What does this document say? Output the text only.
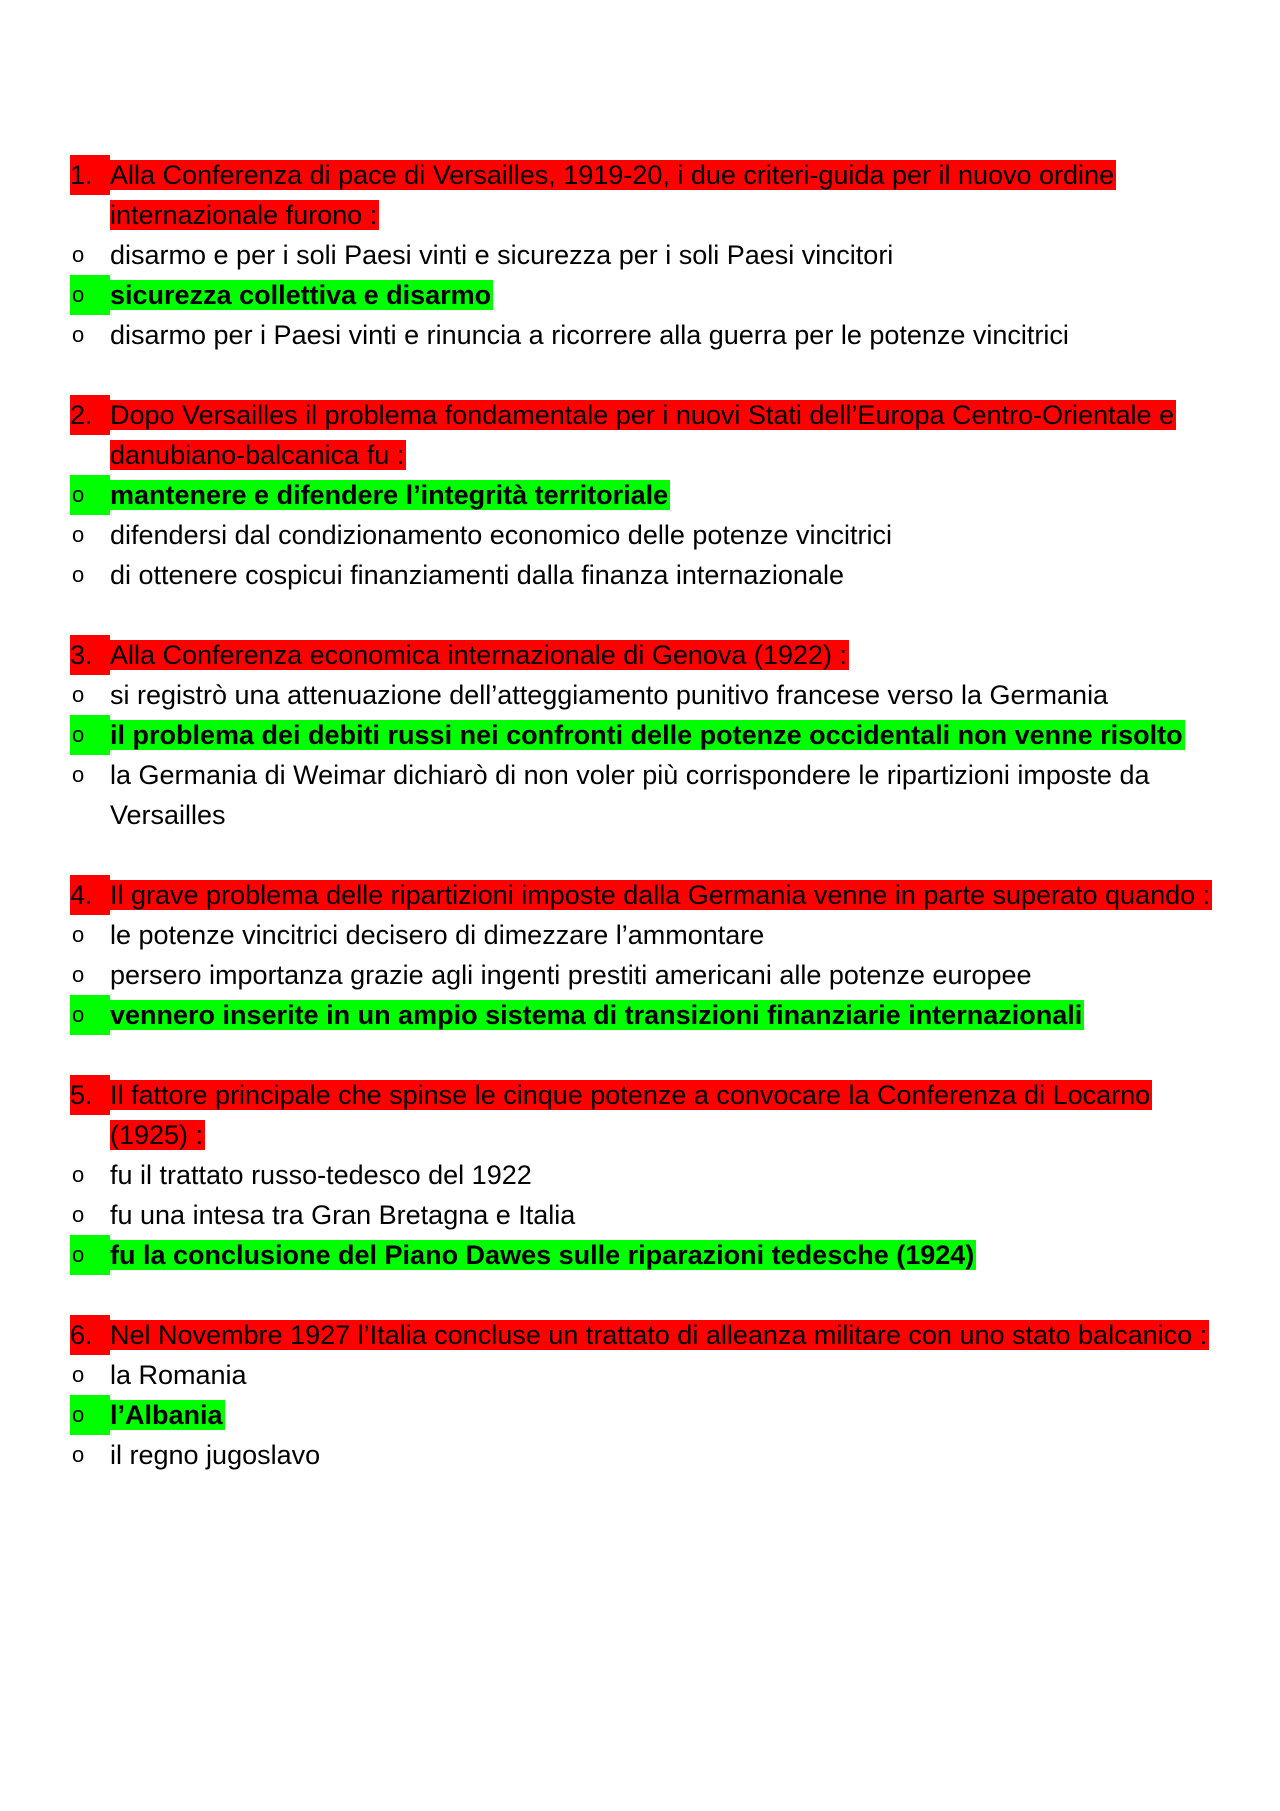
1. Alla Conferenza di pace di Versailles, 1919-20, i due criteri-guida per il nuovo ordine internazionale furono :
o disarmo e per i soli Paesi vinti e sicurezza per i soli Paesi vincitori
o sicurezza collettiva e disarmo
o disarmo per i Paesi vinti e rinuncia a ricorrere alla guerra per le potenze vincitrici
2. Dopo Versailles il problema fondamentale per i nuovi Stati dell’Europa Centro-Orientale e danubiano-balcanica fu :
o mantenere e difendere l’integrità territoriale
o difendersi dal condizionamento economico delle potenze vincitrici
o di ottenere cospicui finanziamenti dalla finanza internazionale
3. Alla Conferenza economica internazionale di Genova (1922) :
o si registrò una attenuazione dell’atteggiamento punitivo francese verso la Germania
o il problema dei debiti russi nei confronti delle potenze occidentali non venne risolto
o la Germania di Weimar dichiarò di non voler più corrispondere le ripartizioni imposte da Versailles
4. Il grave problema delle ripartizioni imposte dalla Germania venne in parte superato quando :
o le potenze vincitrici decisero di dimezzare l’ammontare
o persero importanza grazie agli ingenti prestiti americani alle potenze europee
o vennero inserite in un ampio sistema di transizioni finanziarie internazionali
5. Il fattore principale che spinse le cinque potenze a convocare la Conferenza di Locarno (1925) :
o fu il trattato russo-tedesco del 1922
o fu una intesa tra Gran Bretagna e Italia
o fu la conclusione del Piano Dawes sulle riparazioni tedesche (1924)
6. Nel Novembre 1927 l’Italia concluse un trattato di alleanza militare con uno stato balcanico :
o la Romania
o l’Albania
o il regno jugoslavo
